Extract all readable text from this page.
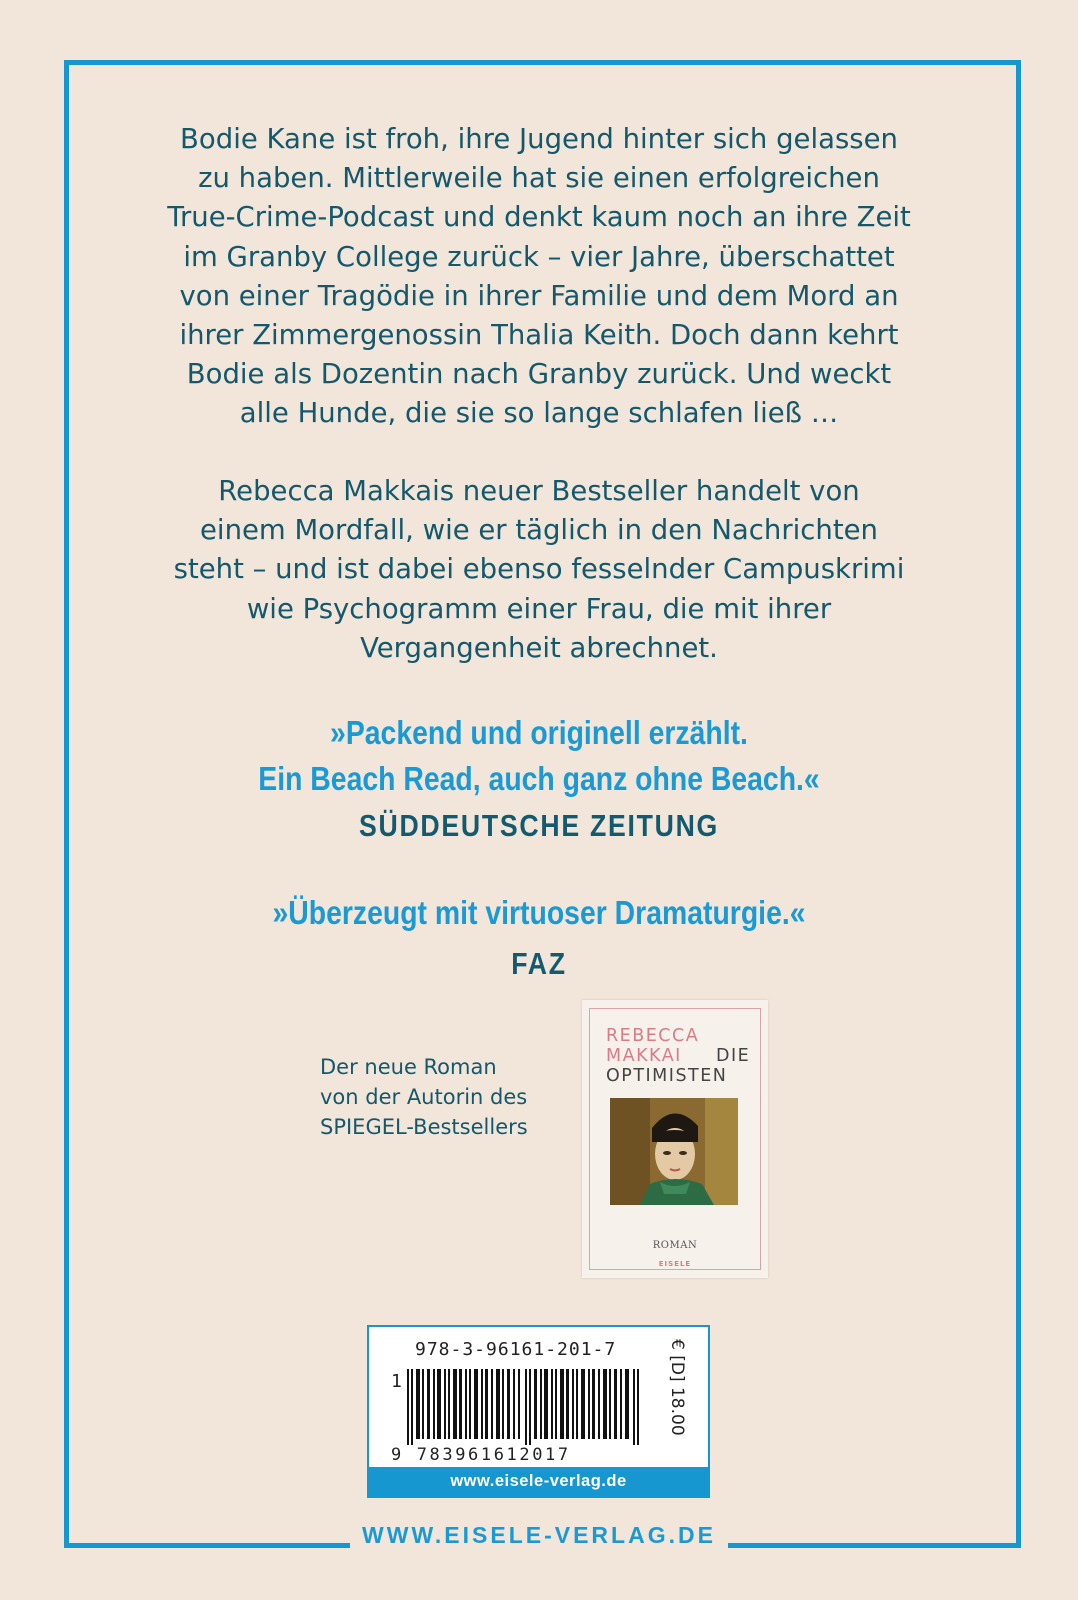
Bodie Kane ist froh, ihre Jugend hinter sich gelassen
zu haben. Mittlerweile hat sie einen erfolgreichen
True-Crime-Podcast und denkt kaum noch an ihre Zeit
im Granby College zurück – vier Jahre, überschattet
von einer Tragödie in ihrer Familie und dem Mord an
ihrer Zimmergenossin Thalia Keith. Doch dann kehrt
Bodie als Dozentin nach Granby zurück. Und weckt
alle Hunde, die sie so lange schlafen ließ …
Rebecca Makkais neuer Bestseller handelt von
einem Mordfall, wie er täglich in den Nachrichten
steht – und ist dabei ebenso fesselnder Campuskrimi
wie Psychogramm einer Frau, die mit ihrer
Vergangenheit abrechnet.
»Packend und originell erzählt.
Ein Beach Read, auch ganz ohne Beach.«
SÜDDEUTSCHE ZEITUNG
»Überzeugt mit virtuoser Dramaturgie.«
FAZ
Der neue Roman
von der Autorin des
SPIEGEL-Bestsellers
REBECCA
MAKKAI	DIE
OPTIMISTEN
ROMAN
EISELE
978-3-96161-201-7
1
9 783961612017
€ [D] 18.00
www.eisele-verlag.de
WWW.EISELE-VERLAG.DE
